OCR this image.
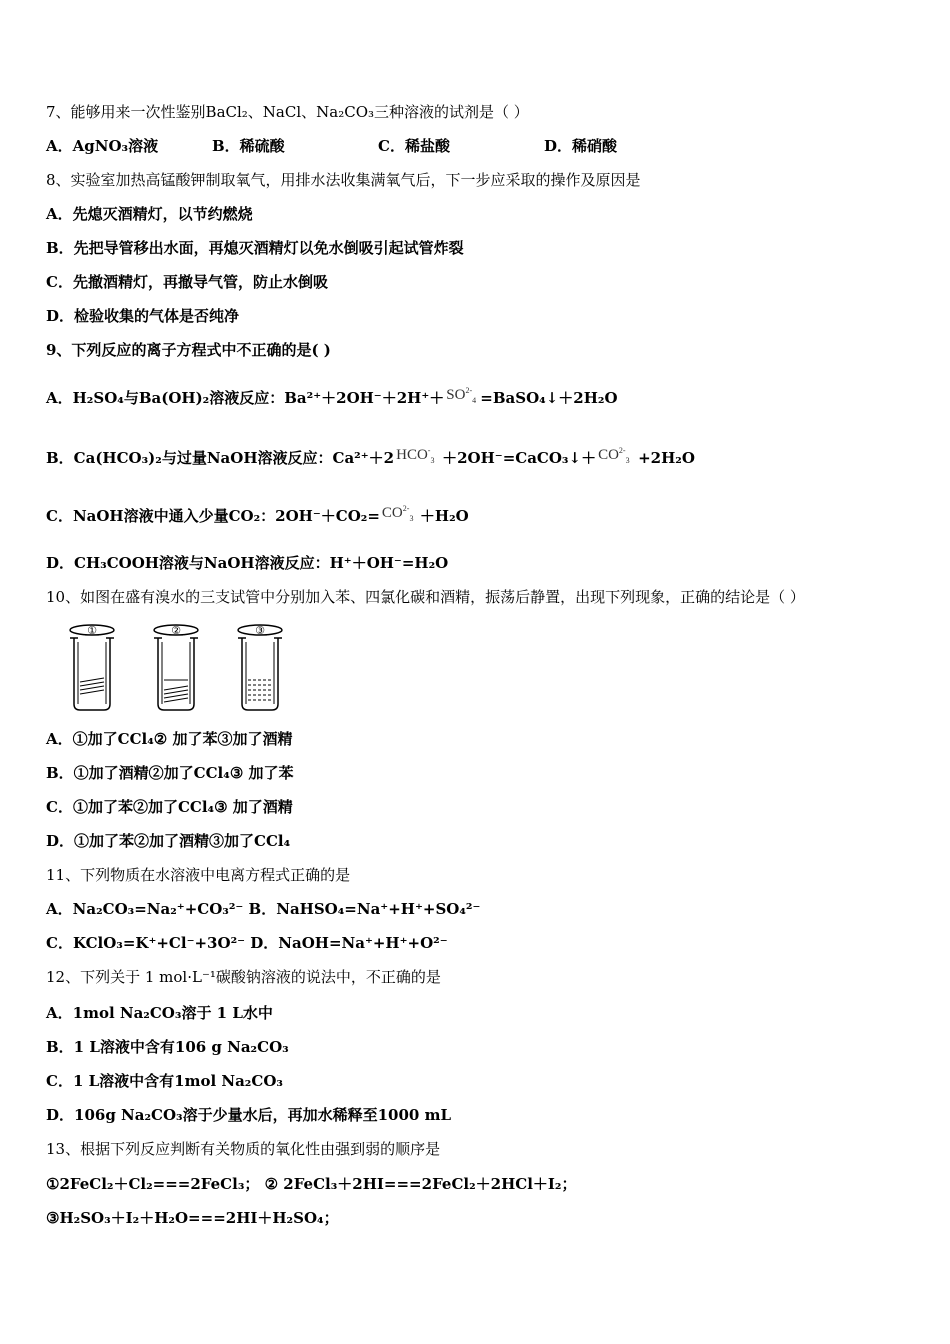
7、能够用来一次性鉴别BaCl₂、NaCl、Na₂CO₃三种溶液的试剂是（ ）
A．AgNO₃溶液	B．稀硫酸	C．稀盐酸	D．稀硝酸
8、实验室加热高锰酸钾制取氧气，用排水法收集满氧气后，下一步应采取的操作及原因是
A．先熄灭酒精灯，以节约燃烧
B．先把导管移出水面，再熄灭酒精灯以免水倒吸引起试管炸裂
C．先撤酒精灯，再撤导气管，防止水倒吸
D．检验收集的气体是否纯净
9、下列反应的离子方程式中不正确的是( )
A．H₂SO₄与Ba(OH)₂溶液反应：$Ba^{2+}+2OH^-+2H^++ SO^{2-}_4$ =BaSO₄↓＋2H₂O
B．Ca(HCO₃)₂与过量NaOH溶液反应：Ca²⁺＋2 $HCO^-_3$ ＋2OH⁻=CaCO₃↓＋ $CO^{2-}_3 +2H_2O$
C．NaOH溶液中通入少量CO₂：$2OH^-+CO_2= CO^{2-}_3 +H_2O$
D．CH₃COOH溶液与NaOH溶液反应：H⁺＋OH⁻=H₂O
10、如图在盛有溴水的三支试管中分别加入苯、四氯化碳和酒精，振荡后静置，出现下列现象，正确的结论是（ ）
①	②	③
A．①加了CCl₄② 加了苯③加了酒精
B．①加了酒精②加了CCl₄③ 加了苯
C．①加了苯②加了CCl₄③ 加了酒精
D．①加了苯②加了酒精③加了CCl₄
11、下列物质在水溶液中电离方程式正确的是
A．Na₂CO₃=Na₂⁺+CO₃²⁻ B．NaHSO₄=Na⁺+H⁺+SO₄²⁻
C．KClO₃=K⁺+Cl⁻+3O²⁻ D．NaOH=Na⁺+H⁺+O²⁻
12、下列关于 1 mol·L⁻¹碳酸钠溶液的说法中，不正确的是
A．1mol Na₂CO₃溶于 1 L水中
B．1 L溶液中含有106 g Na₂CO₃
C．1 L溶液中含有1mol Na₂CO₃
D．106g Na₂CO₃溶于少量水后，再加水稀释至1000 mL
13、根据下列反应判断有关物质的氧化性由强到弱的顺序是
①2FeCl₂＋Cl₂===2FeCl₃； ② 2FeCl₃＋2HI===2FeCl₂＋2HCl＋I₂；
③H₂SO₃＋I₂＋H₂O===2HI＋H₂SO₄；
